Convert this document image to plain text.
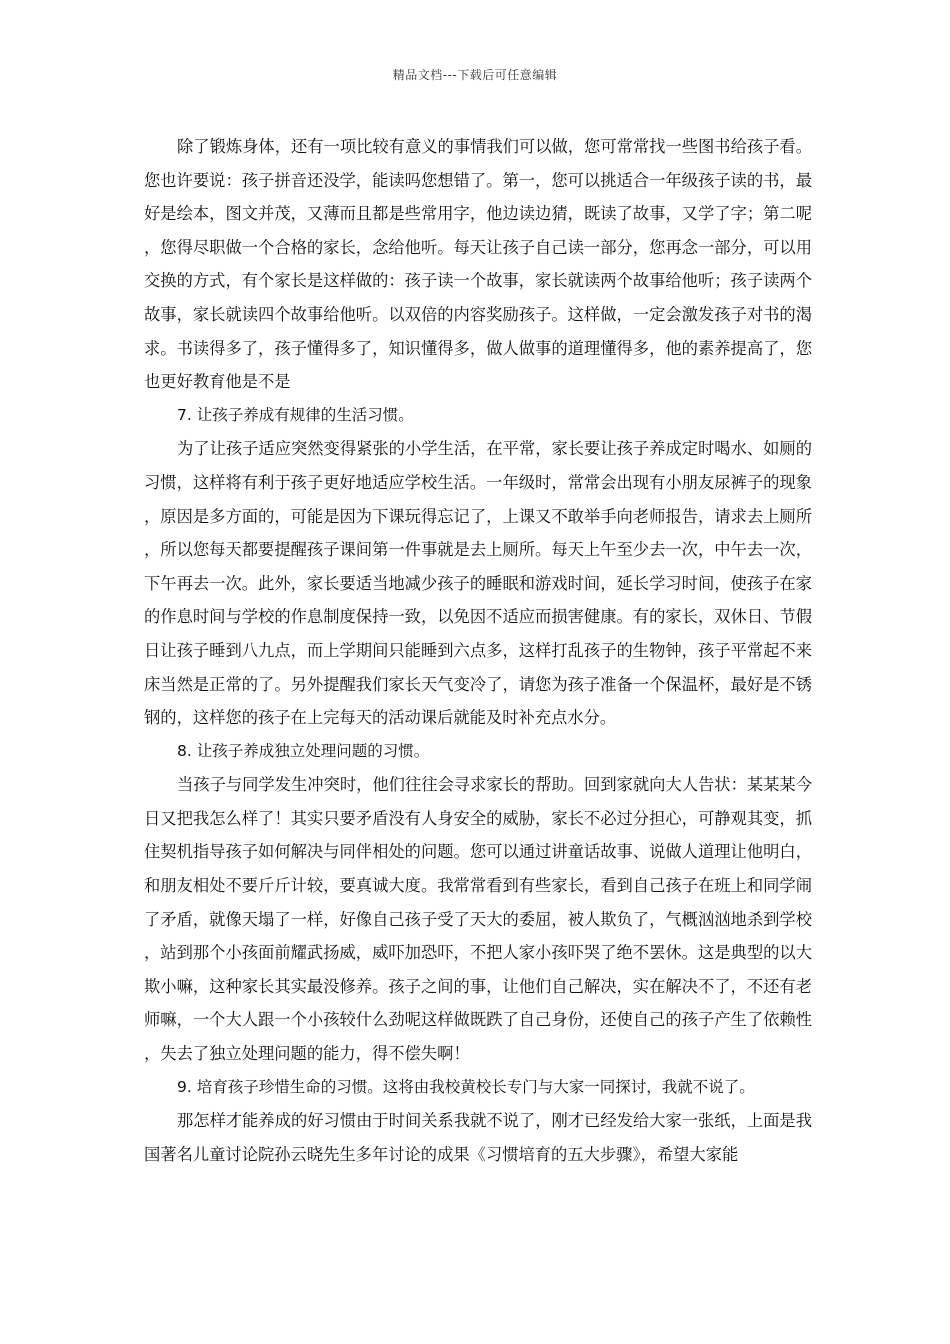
精品文档---下载后可任意编辑

除了锻炼身体，还有一项比较有意义的事情我们可以做，您可常常找一些图书给孩子看。您也许要说：孩子拼音还没学，能读吗您想错了。第一，您可以挑适合一年级孩子读的书，最好是绘本，图文并茂，又薄而且都是些常用字，他边读边猜，既读了故事，又学了字；第二呢，您得尽职做一个合格的家长，念给他听。每天让孩子自己读一部分，您再念一部分，可以用交换的方式，有个家长是这样做的：孩子读一个故事，家长就读两个故事给他听；孩子读两个故事，家长就读四个故事给他听。以双倍的内容奖励孩子。这样做，一定会激发孩子对书的渴求。书读得多了，孩子懂得多了，知识懂得多，做人做事的道理懂得多，他的素养提高了，您也更好教育他是不是

7. 让孩子养成有规律的生活习惯。

为了让孩子适应突然变得紧张的小学生活，在平常，家长要让孩子养成定时喝水、如厕的习惯，这样将有利于孩子更好地适应学校生活。一年级时，常常会出现有小朋友尿裤子的现象，原因是多方面的，可能是因为下课玩得忘记了，上课又不敢举手向老师报告，请求去上厕所，所以您每天都要提醒孩子课间第一件事就是去上厕所。每天上午至少去一次，中午去一次，下午再去一次。此外，家长要适当地减少孩子的睡眠和游戏时间，延长学习时间，使孩子在家的作息时间与学校的作息制度保持一致，以免因不适应而损害健康。有的家长，双休日、节假日让孩子睡到八九点，而上学期间只能睡到六点多，这样打乱孩子的生物钟，孩子平常起不来床当然是正常的了。另外提醒我们家长天气变冷了，请您为孩子准备一个保温杯，最好是不锈钢的，这样您的孩子在上完每天的活动课后就能及时补充点水分。

8. 让孩子养成独立处理问题的习惯。

当孩子与同学发生冲突时，他们往往会寻求家长的帮助。回到家就向大人告状：某某某今日又把我怎么样了！其实只要矛盾没有人身安全的威胁，家长不必过分担心，可静观其变，抓住契机指导孩子如何解决与同伴相处的问题。您可以通过讲童话故事、说做人道理让他明白，和朋友相处不要斤斤计较，要真诚大度。我常常看到有些家长，看到自己孩子在班上和同学闹了矛盾，就像天塌了一样，好像自己孩子受了天大的委屈，被人欺负了，气概汹汹地杀到学校，站到那个小孩面前耀武扬威，威吓加恐吓，不把人家小孩吓哭了绝不罢休。这是典型的以大欺小嘛，这种家长其实最没修养。孩子之间的事，让他们自己解决，实在解决不了，不还有老师嘛，一个大人跟一个小孩较什么劲呢这样做既跌了自己身份，还使自己的孩子产生了依赖性，失去了独立处理问题的能力，得不偿失啊！

9. 培育孩子珍惜生命的习惯。这将由我校黄校长专门与大家一同探讨，我就不说了。

那怎样才能养成的好习惯由于时间关系我就不说了，刚才已经发给大家一张纸，上面是我国著名儿童讨论院孙云晓先生多年讨论的成果《习惯培育的五大步骤》，希望大家能
